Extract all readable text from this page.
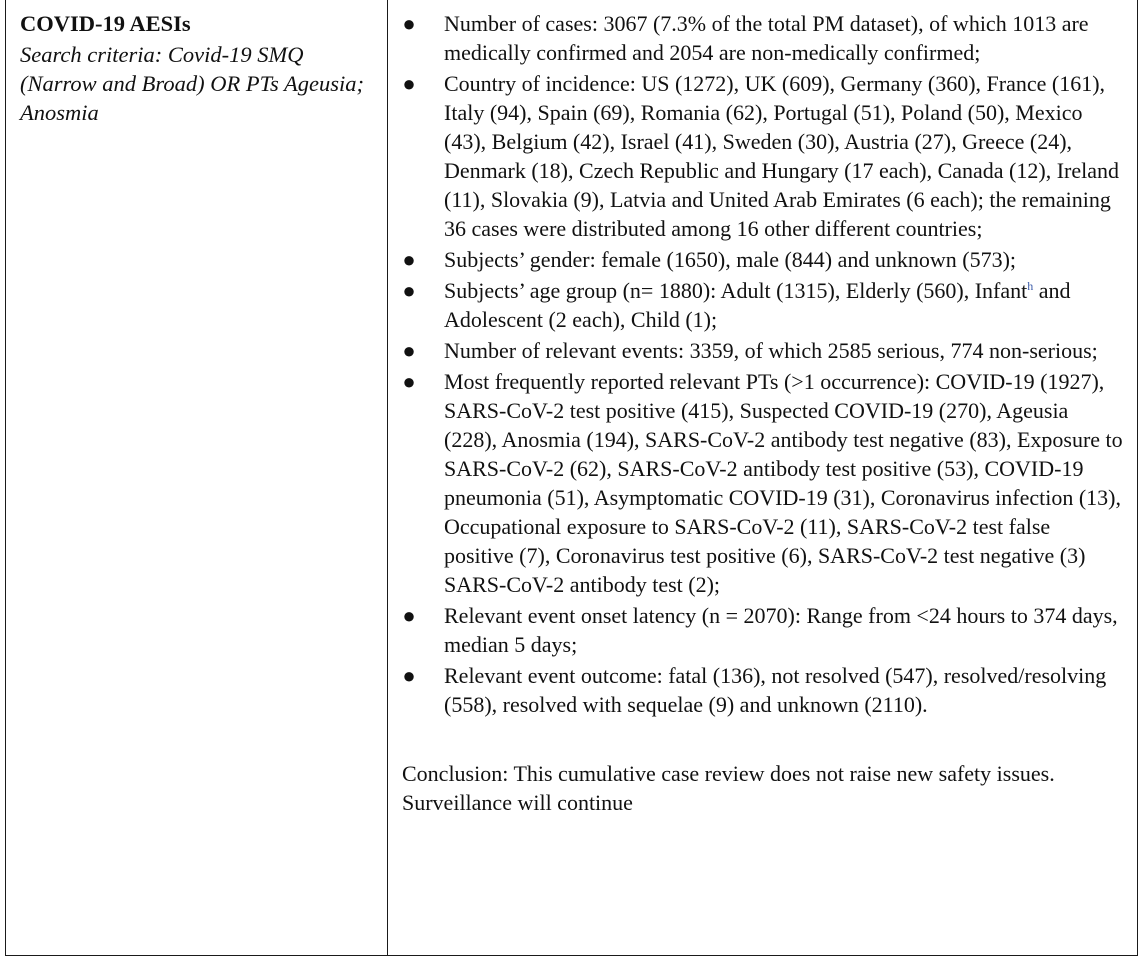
COVID-19 AESIs

Search criteria: Covid-19 SMQ (Narrow and Broad) OR PTs Ageusia; Anosmia

● Number of cases: 3067 (7.3% of the total PM dataset), of which 1013 are medically confirmed and 2054 are non-medically confirmed;
● Country of incidence: US (1272), UK (609), Germany (360), France (161), Italy (94), Spain (69), Romania (62), Portugal (51), Poland (50), Mexico (43), Belgium (42), Israel (41), Sweden (30), Austria (27), Greece (24), Denmark (18), Czech Republic and Hungary (17 each), Canada (12), Ireland (11), Slovakia (9), Latvia and United Arab Emirates (6 each); the remaining 36 cases were distributed among 16 other different countries;
● Subjects’ gender: female (1650), male (844) and unknown (573);
● Subjects’ age group (n= 1880): Adult (1315), Elderly (560), Infant$^h$ and Adolescent (2 each), Child (1);
● Number of relevant events: 3359, of which 2585 serious, 774 non-serious;
● Most frequently reported relevant PTs (>1 occurrence): COVID-19 (1927), SARS-CoV-2 test positive (415), Suspected COVID-19 (270), Ageusia (228), Anosmia (194), SARS-CoV-2 antibody test negative (83), Exposure to SARS-CoV-2 (62), SARS-CoV-2 antibody test positive (53), COVID-19 pneumonia (51), Asymptomatic COVID-19 (31), Coronavirus infection (13), Occupational exposure to SARS-CoV-2 (11), SARS-CoV-2 test false positive (7), Coronavirus test positive (6), SARS-CoV-2 test negative (3) SARS-CoV-2 antibody test (2);
● Relevant event onset latency (n = 2070): Range from <24 hours to 374 days, median 5 days;
● Relevant event outcome: fatal (136), not resolved (547), resolved/resolving (558), resolved with sequelae (9) and unknown (2110).

Conclusion: This cumulative case review does not raise new safety issues. Surveillance will continue
